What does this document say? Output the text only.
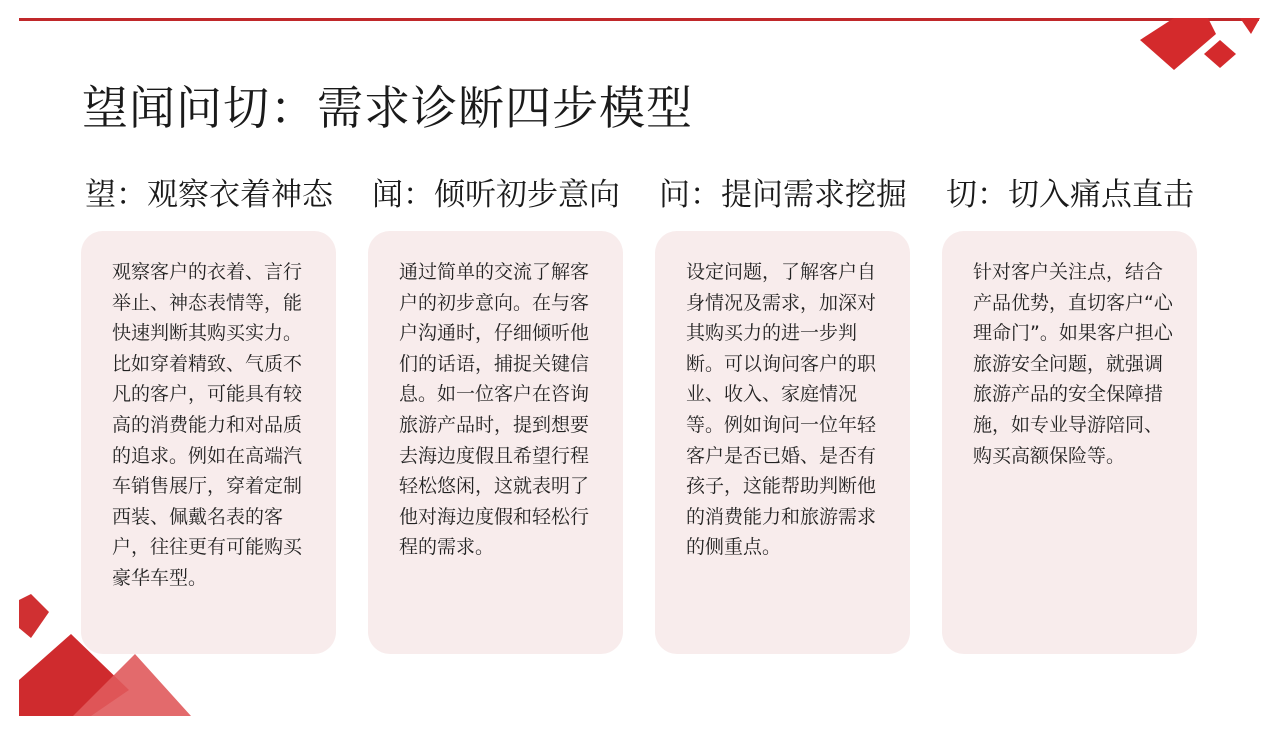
望闻问切：需求诊断四步模型
望：观察衣着神态

观察客户的衣着、言行举止、神态表情等，能快速判断其购买实力。比如穿着精致、气质不凡的客户，可能具有较高的消费能力和对品质的追求。例如在高端汽车销售展厅，穿着定制西装、佩戴名表的客户，往往更有可能购买豪华车型。

闻：倾听初步意向

通过简单的交流了解客户的初步意向。在与客户沟通时，仔细倾听他们的话语，捕捉关键信息。如一位客户在咨询旅游产品时，提到想要去海边度假且希望行程轻松悠闲，这就表明了他对海边度假和轻松行程的需求。

问：提问需求挖掘

设定问题，了解客户自身情况及需求，加深对其购买力的进一步判断。可以询问客户的职业、收入、家庭情况等。例如询问一位年轻客户是否已婚、是否有孩子，这能帮助判断他的消费能力和旅游需求的侧重点。

切：切入痛点直击

针对客户关注点，结合产品优势，直切客户“心理命门”。如果客户担心旅游安全问题，就强调旅游产品的安全保障措施，如专业导游陪同、购买高额保险等。
